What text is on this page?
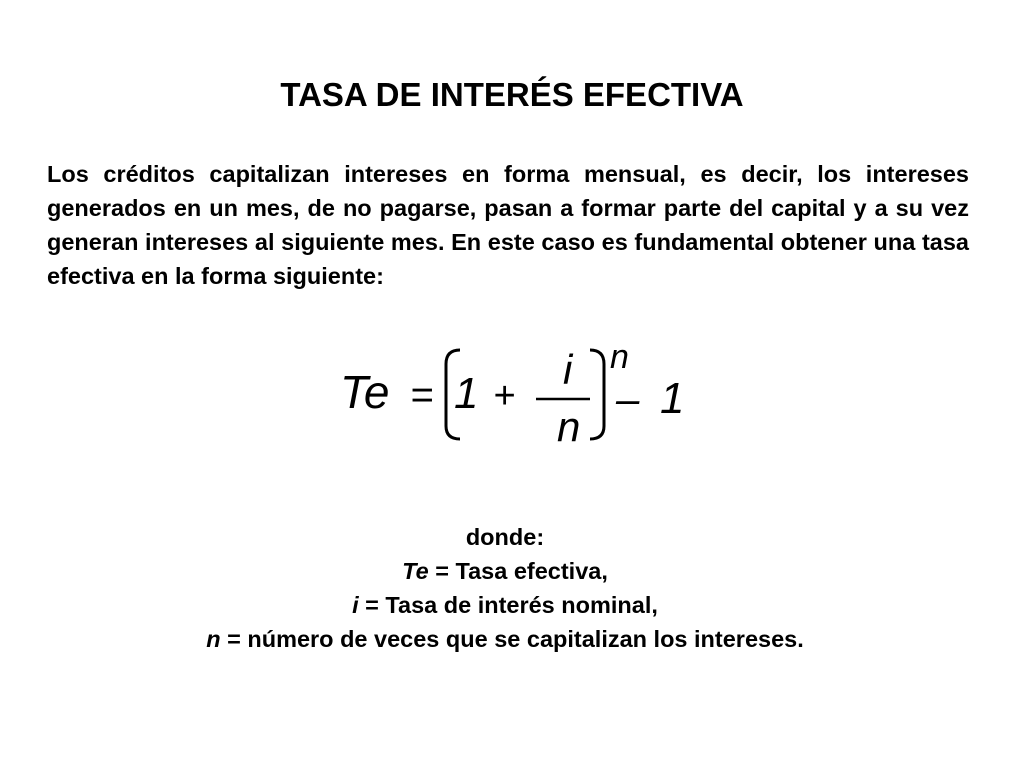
TASA DE INTERÉS EFECTIVA
Los créditos capitalizan intereses en forma mensual, es decir, los intereses generados en un mes, de no pagarse, pasan a formar parte del capital y a su vez generan intereses al siguiente mes. En este caso es fundamental obtener una tasa efectiva en la forma siguiente:
Te = 1 +
i
n
n
– 1
donde:
Te = Tasa efectiva,
i = Tasa de interés nominal,
n = número de veces que se capitalizan los intereses.
